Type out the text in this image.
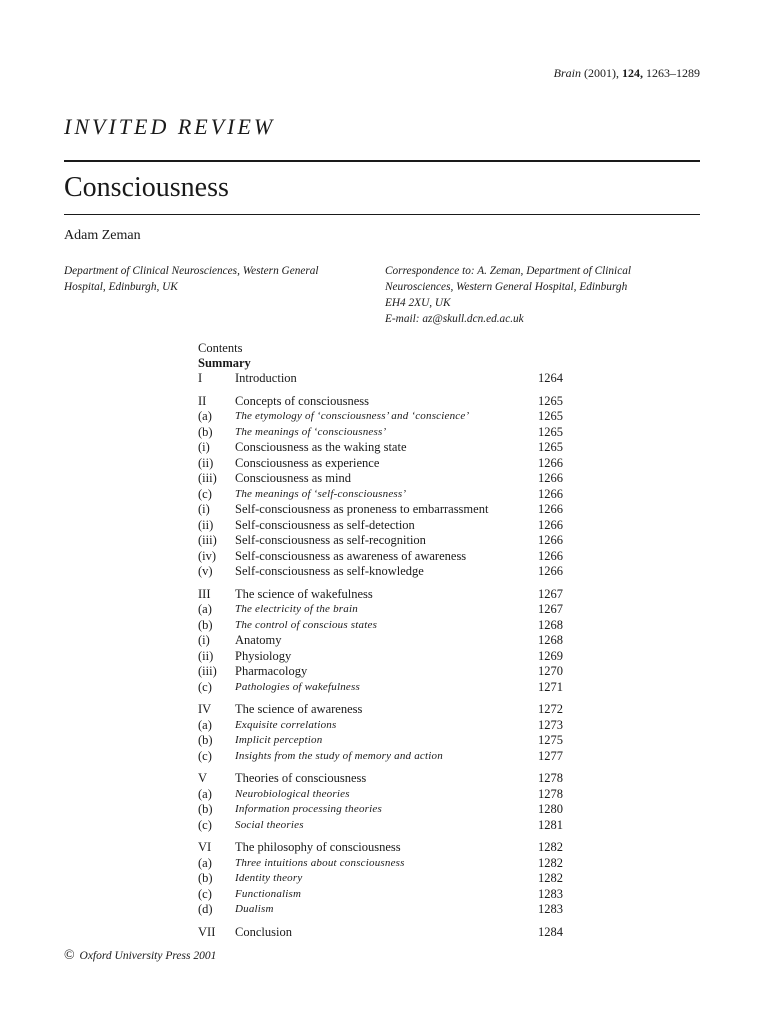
Brain (2001), 124, 1263–1289
INVITED REVIEW
Consciousness
Adam Zeman
Department of Clinical Neurosciences, Western General
Hospital, Edinburgh, UK
Correspondence to: A. Zeman, Department of Clinical
Neurosciences, Western General Hospital, Edinburgh
EH4 2XU, UK
E-mail: az@skull.dcn.ed.ac.uk
Contents
Summary
I	Introduction	1264
II	Concepts of consciousness	1265
(a)	The etymology of ‘consciousness’ and ‘conscience’	1265
(b)	The meanings of ‘consciousness’	1265
(i)	Consciousness as the waking state	1265
(ii)	Consciousness as experience	1266
(iii)	Consciousness as mind	1266
(c)	The meanings of ‘self-consciousness’	1266
(i)	Self-consciousness as proneness to embarrassment	1266
(ii)	Self-consciousness as self-detection	1266
(iii)	Self-consciousness as self-recognition	1266
(iv)	Self-consciousness as awareness of awareness	1266
(v)	Self-consciousness as self-knowledge	1266
III	The science of wakefulness	1267
(a)	The electricity of the brain	1267
(b)	The control of conscious states	1268
(i)	Anatomy	1268
(ii)	Physiology	1269
(iii)	Pharmacology	1270
(c)	Pathologies of wakefulness	1271
IV	The science of awareness	1272
(a)	Exquisite correlations	1273
(b)	Implicit perception	1275
(c)	Insights from the study of memory and action	1277
V	Theories of consciousness	1278
(a)	Neurobiological theories	1278
(b)	Information processing theories	1280
(c)	Social theories	1281
VI	The philosophy of consciousness	1282
(a)	Three intuitions about consciousness	1282
(b)	Identity theory	1282
(c)	Functionalism	1283
(d)	Dualism	1283
VII	Conclusion	1284
© Oxford University Press 2001
